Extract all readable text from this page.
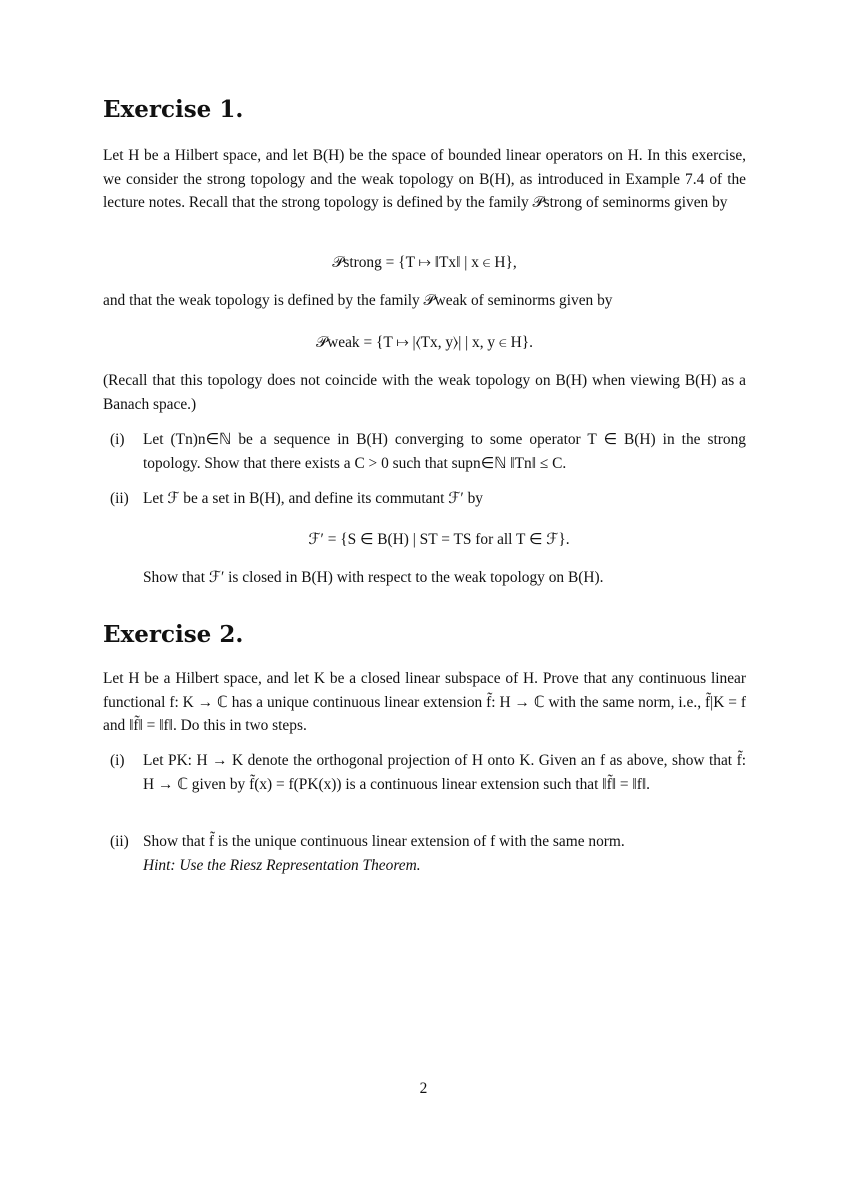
Exercise 1.

Let H be a Hilbert space, and let B(H) be the space of bounded linear operators on H. In this exercise, we consider the strong topology and the weak topology on B(H), as introduced in Example 7.4 of the lecture notes. Recall that the strong topology is defined by the family 𝒫strong of seminorms given by

𝒫strong = {T ↦ ‖Tx‖ | x ∈ H},

and that the weak topology is defined by the family 𝒫weak of seminorms given by

𝒫weak = {T ↦ |⟨Tx, y⟩| | x, y ∈ H}.

(Recall that this topology does not coincide with the weak topology on B(H) when viewing B(H) as a Banach space.)

(i)	Let (Tn)n∈ℕ be a sequence in B(H) converging to some operator T ∈ B(H) in the strong topology. Show that there exists a C > 0 such that supn∈ℕ ‖Tn‖ ≤ C.
(ii) Let ℱ be a set in B(H), and define its commutant ℱ′ by

ℱ′ = {S ∈ B(H) | ST = TS for all T ∈ ℱ}.

Show that ℱ′ is closed in B(H) with respect to the weak topology on B(H).

Exercise 2.

Let H be a Hilbert space, and let K be a closed linear subspace of H. Prove that any continuous linear functional f: K → ℂ has a unique continuous linear extension f̃: H → ℂ with the same norm, i.e., f̃|K = f and ‖f̃‖ = ‖f‖. Do this in two steps.

(i)	Let PK: H → K denote the orthogonal projection of H onto K. Given an f as above, show that f̃: H → ℂ given by f̃(x) = f(PK(x)) is a continuous linear extension such that ‖f̃‖ = ‖f‖.
(ii) Show that f̃ is the unique continuous linear extension of f with the same norm.
Hint: Use the Riesz Representation Theorem.
2
